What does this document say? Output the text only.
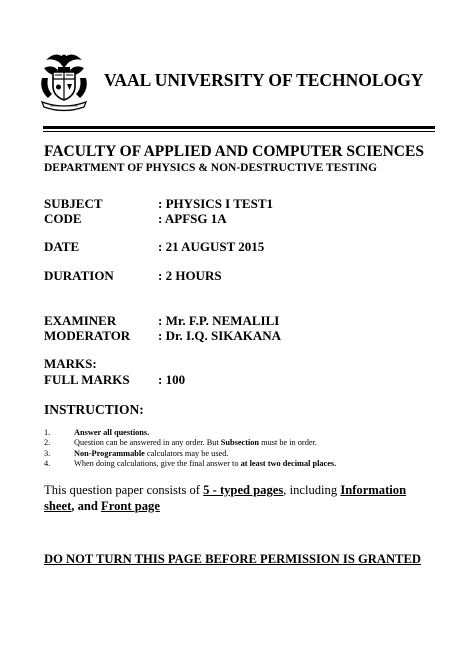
VAAL UNIVERSITY OF TECHNOLOGY
FACULTY OF APPLIED AND COMPUTER SCIENCES
DEPARTMENT OF PHYSICS & NON-DESTRUCTIVE TESTING
SUBJECT	: PHYSICS I TEST1
CODE	: APFSG 1A
DATE	: 21 AUGUST 2015
DURATION	: 2 HOURS
EXAMINER	: Mr. F.P. NEMALILI
MODERATOR : Dr. I.Q. SIKAKANA
MARKS:
FULL MARKS : 100
INSTRUCTION:
1.	Answer all questions.
2.	Question can be answered in any order. But Subsection must be in order.
3.	Non-Programmable calculators may be used.
4.	When doing calculations, give the final answer to at least two decimal places.
This question paper consists of 5 - typed pages, including Information sheet, and Front page
DO NOT TURN THIS PAGE BEFORE PERMISSION IS GRANTED
